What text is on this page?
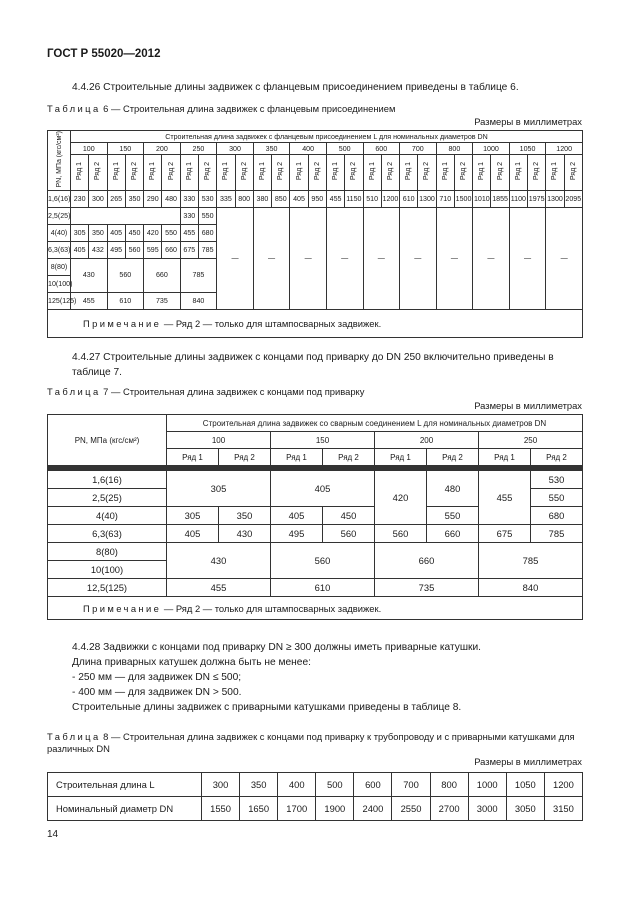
ГОСТ Р 55020—2012
4.4.26 Строительные длины задвижек с фланцевым присоединением приведены в таблице 6.
Таблица 6 — Строительная длина задвижек с фланцевым присоединением
Размеры в миллиметрах
PN, МПа (кгс/см²)	Строительная длина задвижек с фланцевым присоединением L для номинальных диаметров DN																											
	100		150		200		250		300		350		400		500		600		700		800		1000		1050		1200	
	Ряд 1	Ряд 2	Ряд 1	Ряд 2	Ряд 1	Ряд 2	Ряд 1	Ряд 2	Ряд 1	Ряд 2	Ряд 1	Ряд 2	Ряд 1	Ряд 2	Ряд 1	Ряд 2	Ряд 1	Ряд 2	Ряд 1	Ряд 2	Ряд 1	Ряд 2	Ряд 1	Ряд 2	Ряд 1	Ряд 2	Ряд 1	Ряд 2
1,6(16)	230	300	265	350	290	480	330	530	335	800	380	850	405	950	455	1150	510	1200	610	1300	710	1500	1010	1855	1100	1975	1300	2095
2,5(25)							330	550	—		—		—		—		—		—		—		—		—		—	
4(40)	305	350	405	450	420	550	455	680																				
6,3(63)	405	432	495	560	595	660	675	785																				
8(80)	430		560		660		785																					
10(100)																												
125(125)	455		610		735		840																					
Примечание — Ряд 2 — только для штампосварных задвижек.																												
4.4.27 Строительные длины задвижек с концами под приварку до DN 250 включительно приведены в таблице 7.
Таблица 7 — Строительная длина задвижек с концами под приварку
Размеры в миллиметрах
PN, МПа (кгс/см²)	Строительная длина задвижек со сварным соединением L для номинальных диаметров DN							
	100		150		200		250	
	Ряд 1	Ряд 2	Ряд 1	Ряд 2	Ряд 1	Ряд 2	Ряд 1	Ряд 2
1,6(16)	305		405		420	480	455	530
2,5(25)								550
4(40)	305	350	405	450		550		680
6,3(63)	405	430	495	560	560	660	675	785
8(80)	430		560		660		785	
10(100)								
12,5(125)	455		610		735		840	
Примечание — Ряд 2 — только для штампосварных задвижек.								
4.4.28 Задвижки с концами под приварку DN ≥ 300 должны иметь приварные катушки.
Длина приварных катушек должна быть не менее:
- 250 мм — для задвижек DN ≤ 500;
- 400 мм — для задвижек DN > 500.
Строительные длины задвижек с приварными катушками приведены в таблице 8.
Таблица 8 — Строительная длина задвижек с концами под приварку к трубопроводу и с приварными катушками для различных DN
Размеры в миллиметрах
Строительная длина L	300	350	400	500	600	700	800	1000	1050	1200
Номинальный диаметр DN	1550	1650	1700	1900	2400	2550	2700	3000	3050	3150
14
